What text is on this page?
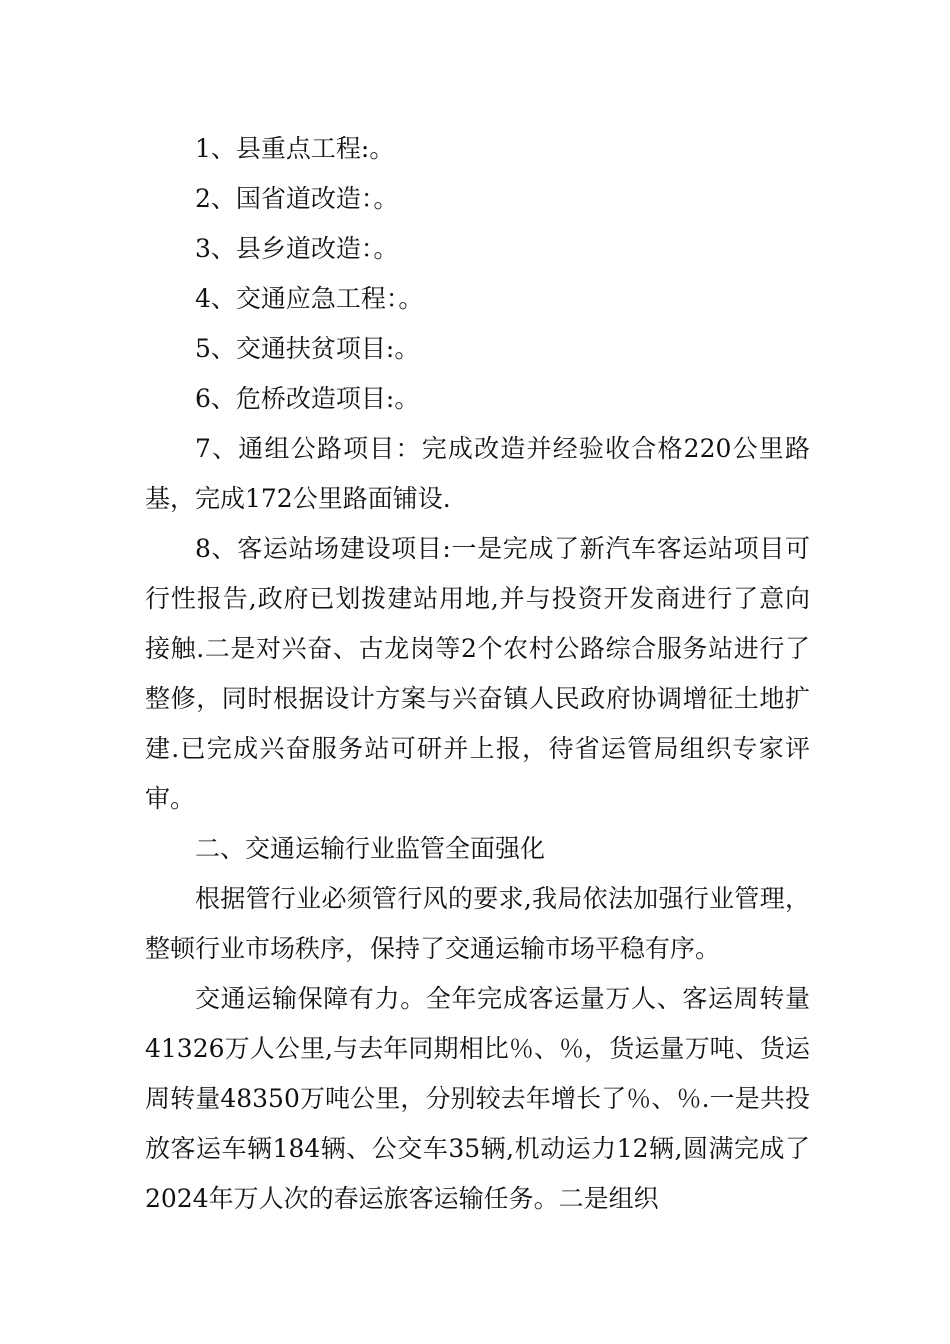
1、县重点工程:。

2、国省道改造：。

3、县乡道改造：。

4、交通应急工程：。

5、交通扶贫项目:。

6、危桥改造项目:。

7、通组公路项目：完成改造并经验收合格220公里路基，完成172公里路面铺设.

8、客运站场建设项目:一是完成了新汽车客运站项目可行性报告,政府已划拨建站用地,并与投资开发商进行了意向接触.二是对兴奋、古龙岗等2个农村公路综合服务站进行了整修，同时根据设计方案与兴奋镇人民政府协调增征土地扩建.已完成兴奋服务站可研并上报，待省运管局组织专家评审。

二、交通运输行业监管全面强化

根据管行业必须管行风的要求,我局依法加强行业管理，整顿行业市场秩序，保持了交通运输市场平稳有序。

交通运输保障有力。全年完成客运量万人、客运周转量41326万人公里,与去年同期相比％、％，货运量万吨、货运周转量48350万吨公里，分别较去年增长了％、％.一是共投放客运车辆184辆、公交车35辆,机动运力12辆,圆满完成了2024年万人次的春运旅客运输任务。二是组织
